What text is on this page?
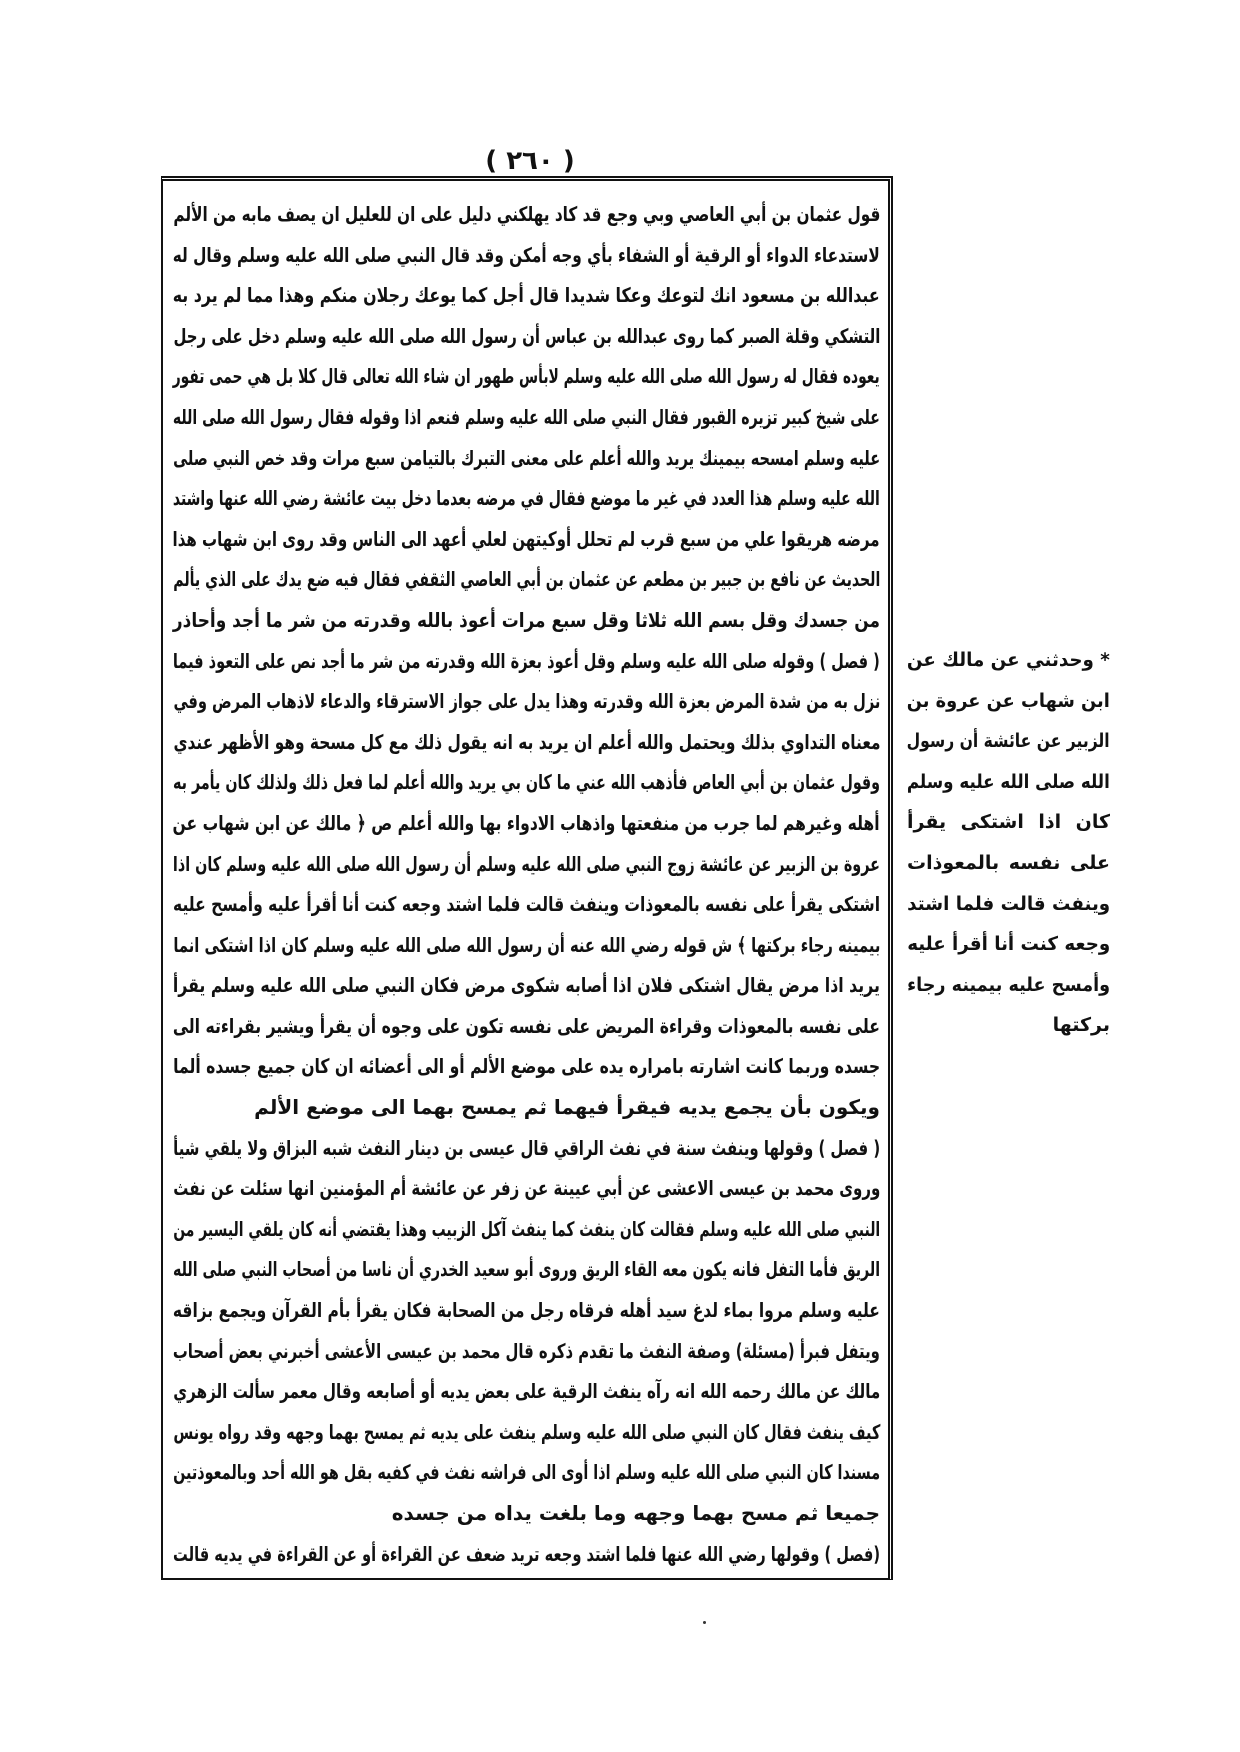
( ٢٦٠ )
قول عثمان بن أبي العاصي وبي وجع قد كاد يهلكني دليل على ان للعليل ان يصف مابه من الألم
لاستدعاء الدواء أو الرقية أو الشفاء بأي وجه أمكن وقد قال النبي صلى الله عليه وسلم وقال له
عبدالله بن مسعود انك لتوعك وعكا شديدا قال أجل كما يوعك رجلان منكم وهذا مما لم يرد به
التشكي وقلة الصبر كما روى عبدالله بن عباس أن رسول الله صلى الله عليه وسلم دخل على رجل
يعوده فقال له رسول الله صلى الله عليه وسلم لابأس طهور ان شاء الله تعالى قال كلا بل هي حمى تفور
على شيخ كبير تزيره القبور فقال النبي صلى الله عليه وسلم فنعم اذا وقوله فقال رسول الله صلى الله
عليه وسلم امسحه بيمينك يريد والله أعلم على معنى التبرك بالتيامن سبع مرات وقد خص النبي صلى
الله عليه وسلم هذا العدد في غير ما موضع فقال في مرضه بعدما دخل بيت عائشة رضي الله عنها واشتد
مرضه هريقوا علي من سبع قرب لم تحلل أوكيتهن لعلي أعهد الى الناس وقد روى ابن شهاب هذا
الحديث عن نافع بن جبير بن مطعم عن عثمان بن أبي العاصي الثقفي فقال فيه ضع يدك على الذي يألم
من جسدك وقل بسم الله ثلاثا وقل سبع مرات أعوذ بالله وقدرته من شر ما أجد وأحاذر
( فصل ) وقوله صلى الله عليه وسلم وقل أعوذ بعزة الله وقدرته من شر ما أجد نص على التعوذ فيما
نزل به من شدة المرض بعزة الله وقدرته وهذا يدل على جواز الاسترقاء والدعاء لاذهاب المرض وفي
معناه التداوي بذلك ويحتمل والله أعلم ان يريد به انه يقول ذلك مع كل مسحة وهو الأظهر عندي
وقول عثمان بن أبي العاص فأذهب الله عني ما كان بي يريد والله أعلم لما فعل ذلك ولذلك كان يأمر به
أهله وغيرهم لما جرب من منفعتها واذهاب الادواء بها والله أعلم ص ﴿ مالك عن ابن شهاب عن
عروة بن الزبير عن عائشة زوج النبي صلى الله عليه وسلم أن رسول الله صلى الله عليه وسلم كان اذا
اشتكى يقرأ على نفسه بالمعوذات وينفث قالت فلما اشتد وجعه كنت أنا أقرأ عليه وأمسح عليه
بيمينه رجاء بركتها ﴾ ش قوله رضي الله عنه أن رسول الله صلى الله عليه وسلم كان اذا اشتكى انما
يريد اذا مرض يقال اشتكى فلان اذا أصابه شكوى مرض فكان النبي صلى الله عليه وسلم يقرأ
على نفسه بالمعوذات وقراءة المريض على نفسه تكون على وجوه أن يقرأ ويشير بقراءته الى
جسده وربما كانت اشارته بامراره يده على موضع الألم أو الى أعضائه ان كان جميع جسده ألما
ويكون بأن يجمع يديه فيقرأ فيهما ثم يمسح بهما الى موضع الألم
( فصل ) وقولها وينفث سنة في نفث الراقي قال عيسى بن دينار النفث شبه البزاق ولا يلقي شيأ
وروى محمد بن عيسى الاعشى عن أبي عيينة عن زفر عن عائشة أم المؤمنين انها سئلت عن نفث
النبي صلى الله عليه وسلم فقالت كان ينفث كما ينفث آكل الزبيب وهذا يقتضي أنه كان يلقي اليسير من
الريق فأما التفل فانه يكون معه القاء الريق وروى أبو سعيد الخدري أن ناسا من أصحاب النبي صلى الله
عليه وسلم مروا بماء لدغ سيد أهله فرقاه رجل من الصحابة فكان يقرأ بأم القرآن ويجمع بزاقه
ويتفل فبرأ (مسئلة) وصفة النفث ما تقدم ذكره قال محمد بن عيسى الأعشى أخبرني بعض أصحاب
مالك عن مالك رحمه الله انه رآه ينفث الرقية على بعض يديه أو أصابعه وقال معمر سألت الزهري
كيف ينفث فقال كان النبي صلى الله عليه وسلم ينفث على يديه ثم يمسح بهما وجهه وقد رواه يونس
مسندا كان النبي صلى الله عليه وسلم اذا أوى الى فراشه نفث في كفيه بقل هو الله أحد وبالمعوذتين
جميعا ثم مسح بهما وجهه وما بلغت يداه من جسده
(فصل ) وقولها رضي الله عنها فلما اشتد وجعه تريد ضعف عن القراءة أو عن القراءة في يديه قالت
* وحدثني عن مالك عن
ابن شهاب عن عروة بن
الزبير عن عائشة أن رسول
الله صلى الله عليه وسلم
كان اذا اشتكى يقرأ
على نفسه بالمعوذات
وينفث قالت فلما اشتد
وجعه كنت أنا أقرأ عليه
وأمسح عليه بيمينه رجاء
بركتها
